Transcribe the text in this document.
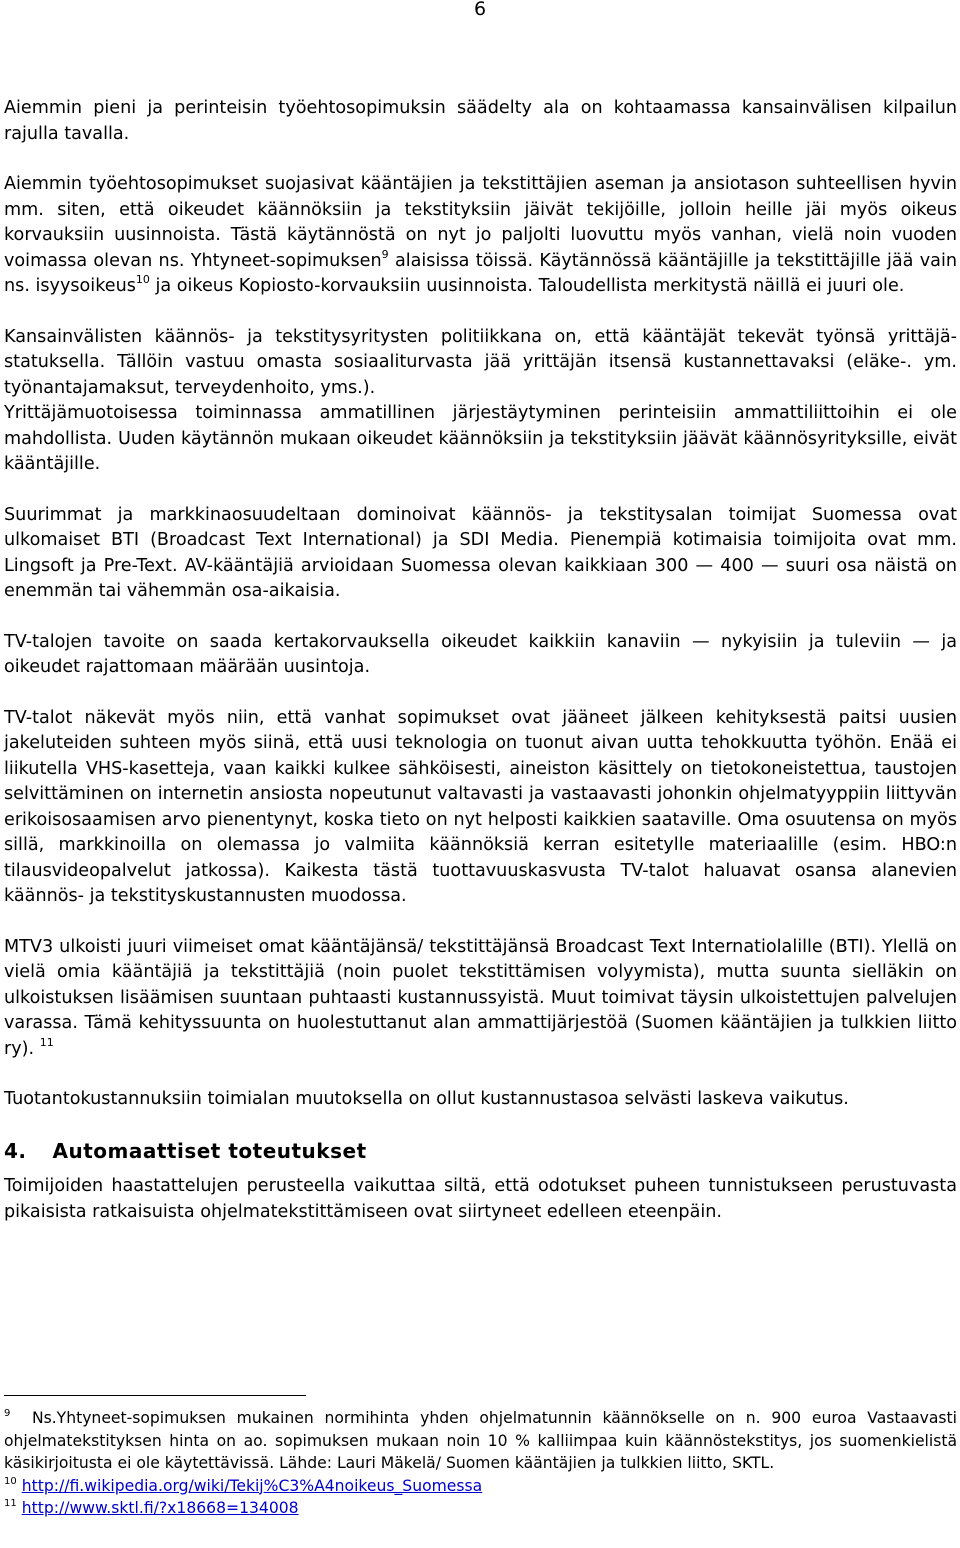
6

Aiemmin pieni ja perinteisin työehtosopimuksin säädelty ala on kohtaamassa kansainvälisen kilpailun rajulla tavalla.

Aiemmin työehtosopimukset suojasivat kääntäjien ja tekstittäjien aseman ja ansiotason suhteellisen hyvin mm. siten, että oikeudet käännöksiin ja tekstityksiin jäivät tekijöille, jolloin heille jäi myös oikeus korvauksiin uusinnoista. Tästä käytännöstä on nyt jo paljolti luovuttu myös vanhan, vielä noin vuoden voimassa olevan ns. Yhtyneet-sopimuksen$^9$ alaisissa töissä. Käytännössä kääntäjille ja tekstittäjille jää vain ns. isyysoikeus$^{10}$ ja oikeus Kopiosto-korvauksiin uusinnoista. Taloudellista merkitystä näillä ei juuri ole.

Kansainvälisten käännös- ja tekstitysyritysten politiikkana on, että kääntäjät tekevät työnsä yrittäjä-statuksella. Tällöin vastuu omasta sosiaaliturvasta jää yrittäjän itsensä kustannettavaksi (eläke-. ym. työnantajamaksut, terveydenhoito, yms.).

Yrittäjämuotoisessa toiminnassa ammatillinen järjestäytyminen perinteisiin ammattiliittoihin ei ole mahdollista. Uuden käytännön mukaan oikeudet käännöksiin ja tekstityksiin jäävät käännösyrityksille, eivät kääntäjille.

Suurimmat ja markkinaosuudeltaan dominoivat käännös- ja tekstitysalan toimijat Suomessa ovat ulkomaiset BTI (Broadcast Text International) ja SDI Media. Pienempiä kotimaisia toimijoita ovat mm. Lingsoft ja Pre-Text. AV-kääntäjiä arvioidaan Suomessa olevan kaikkiaan 300 — 400 — suuri osa näistä on enemmän tai vähemmän osa-aikaisia.

TV-talojen tavoite on saada kertakorvauksella oikeudet kaikkiin kanaviin — nykyisiin ja tuleviin — ja oikeudet rajattomaan määrään uusintoja.

TV-talot näkevät myös niin, että vanhat sopimukset ovat jääneet jälkeen kehityksestä paitsi uusien jakeluteiden suhteen myös siinä, että uusi teknologia on tuonut aivan uutta tehokkuutta työhön. Enää ei liikutella VHS-kasetteja, vaan kaikki kulkee sähköisesti, aineiston käsittely on tietokoneistettua, taustojen selvittäminen on internetin ansiosta nopeutunut valtavasti ja vastaavasti johonkin ohjelmatyyppiin liittyvän erikoisosaamisen arvo pienentynyt, koska tieto on nyt helposti kaikkien saataville. Oma osuutensa on myös sillä, markkinoilla on olemassa jo valmiita käännöksiä kerran esitetylle materiaalille (esim. HBO:n tilausvideopalvelut jatkossa). Kaikesta tästä tuottavuuskasvusta TV-talot haluavat osansa alanevien käännös- ja tekstityskustannusten muodossa.

MTV3 ulkoisti juuri viimeiset omat kääntäjänsä/ tekstittäjänsä Broadcast Text Internatiolalille (BTI). Ylellä on vielä omia kääntäjiä ja tekstittäjiä (noin puolet tekstittämisen volyymista), mutta suunta sielläkin on ulkoistuksen lisäämisen suuntaan puhtaasti kustannussyistä. Muut toimivat täysin ulkoistettujen palvelujen varassa. Tämä kehityssuunta on huolestuttanut alan ammattijärjestöä (Suomen kääntäjien ja tulkkien liitto ry). $^{11}$

Tuotantokustannuksiin toimialan muutoksella on ollut kustannustasoa selvästi laskeva vaikutus.

4. Automaattiset toteutukset

Toimijoiden haastattelujen perusteella vaikuttaa siltä, että odotukset puheen tunnistukseen perustuvasta pikaisista ratkaisuista ohjelmatekstittämiseen ovat siirtyneet edelleen eteenpäin.

$^9$ Ns.Yhtyneet-sopimuksen mukainen normihinta yhden ohjelmatunnin käännökselle on n. 900 euroa Vastaavasti ohjelmatekstityksen hinta on ao. sopimuksen mukaan noin 10 % kalliimpaa kuin käännöstekstitys, jos suomenkielistä käsikirjoitusta ei ole käytettävissä. Lähde: Lauri Mäkelä/ Suomen kääntäjien ja tulkkien liitto, SKTL.

$^{10}$ http://fi.wikipedia.org/wiki/Tekij%C3%A4noikeus_Suomessa

$^{11}$ http://www.sktl.fi/?x18668=134008
